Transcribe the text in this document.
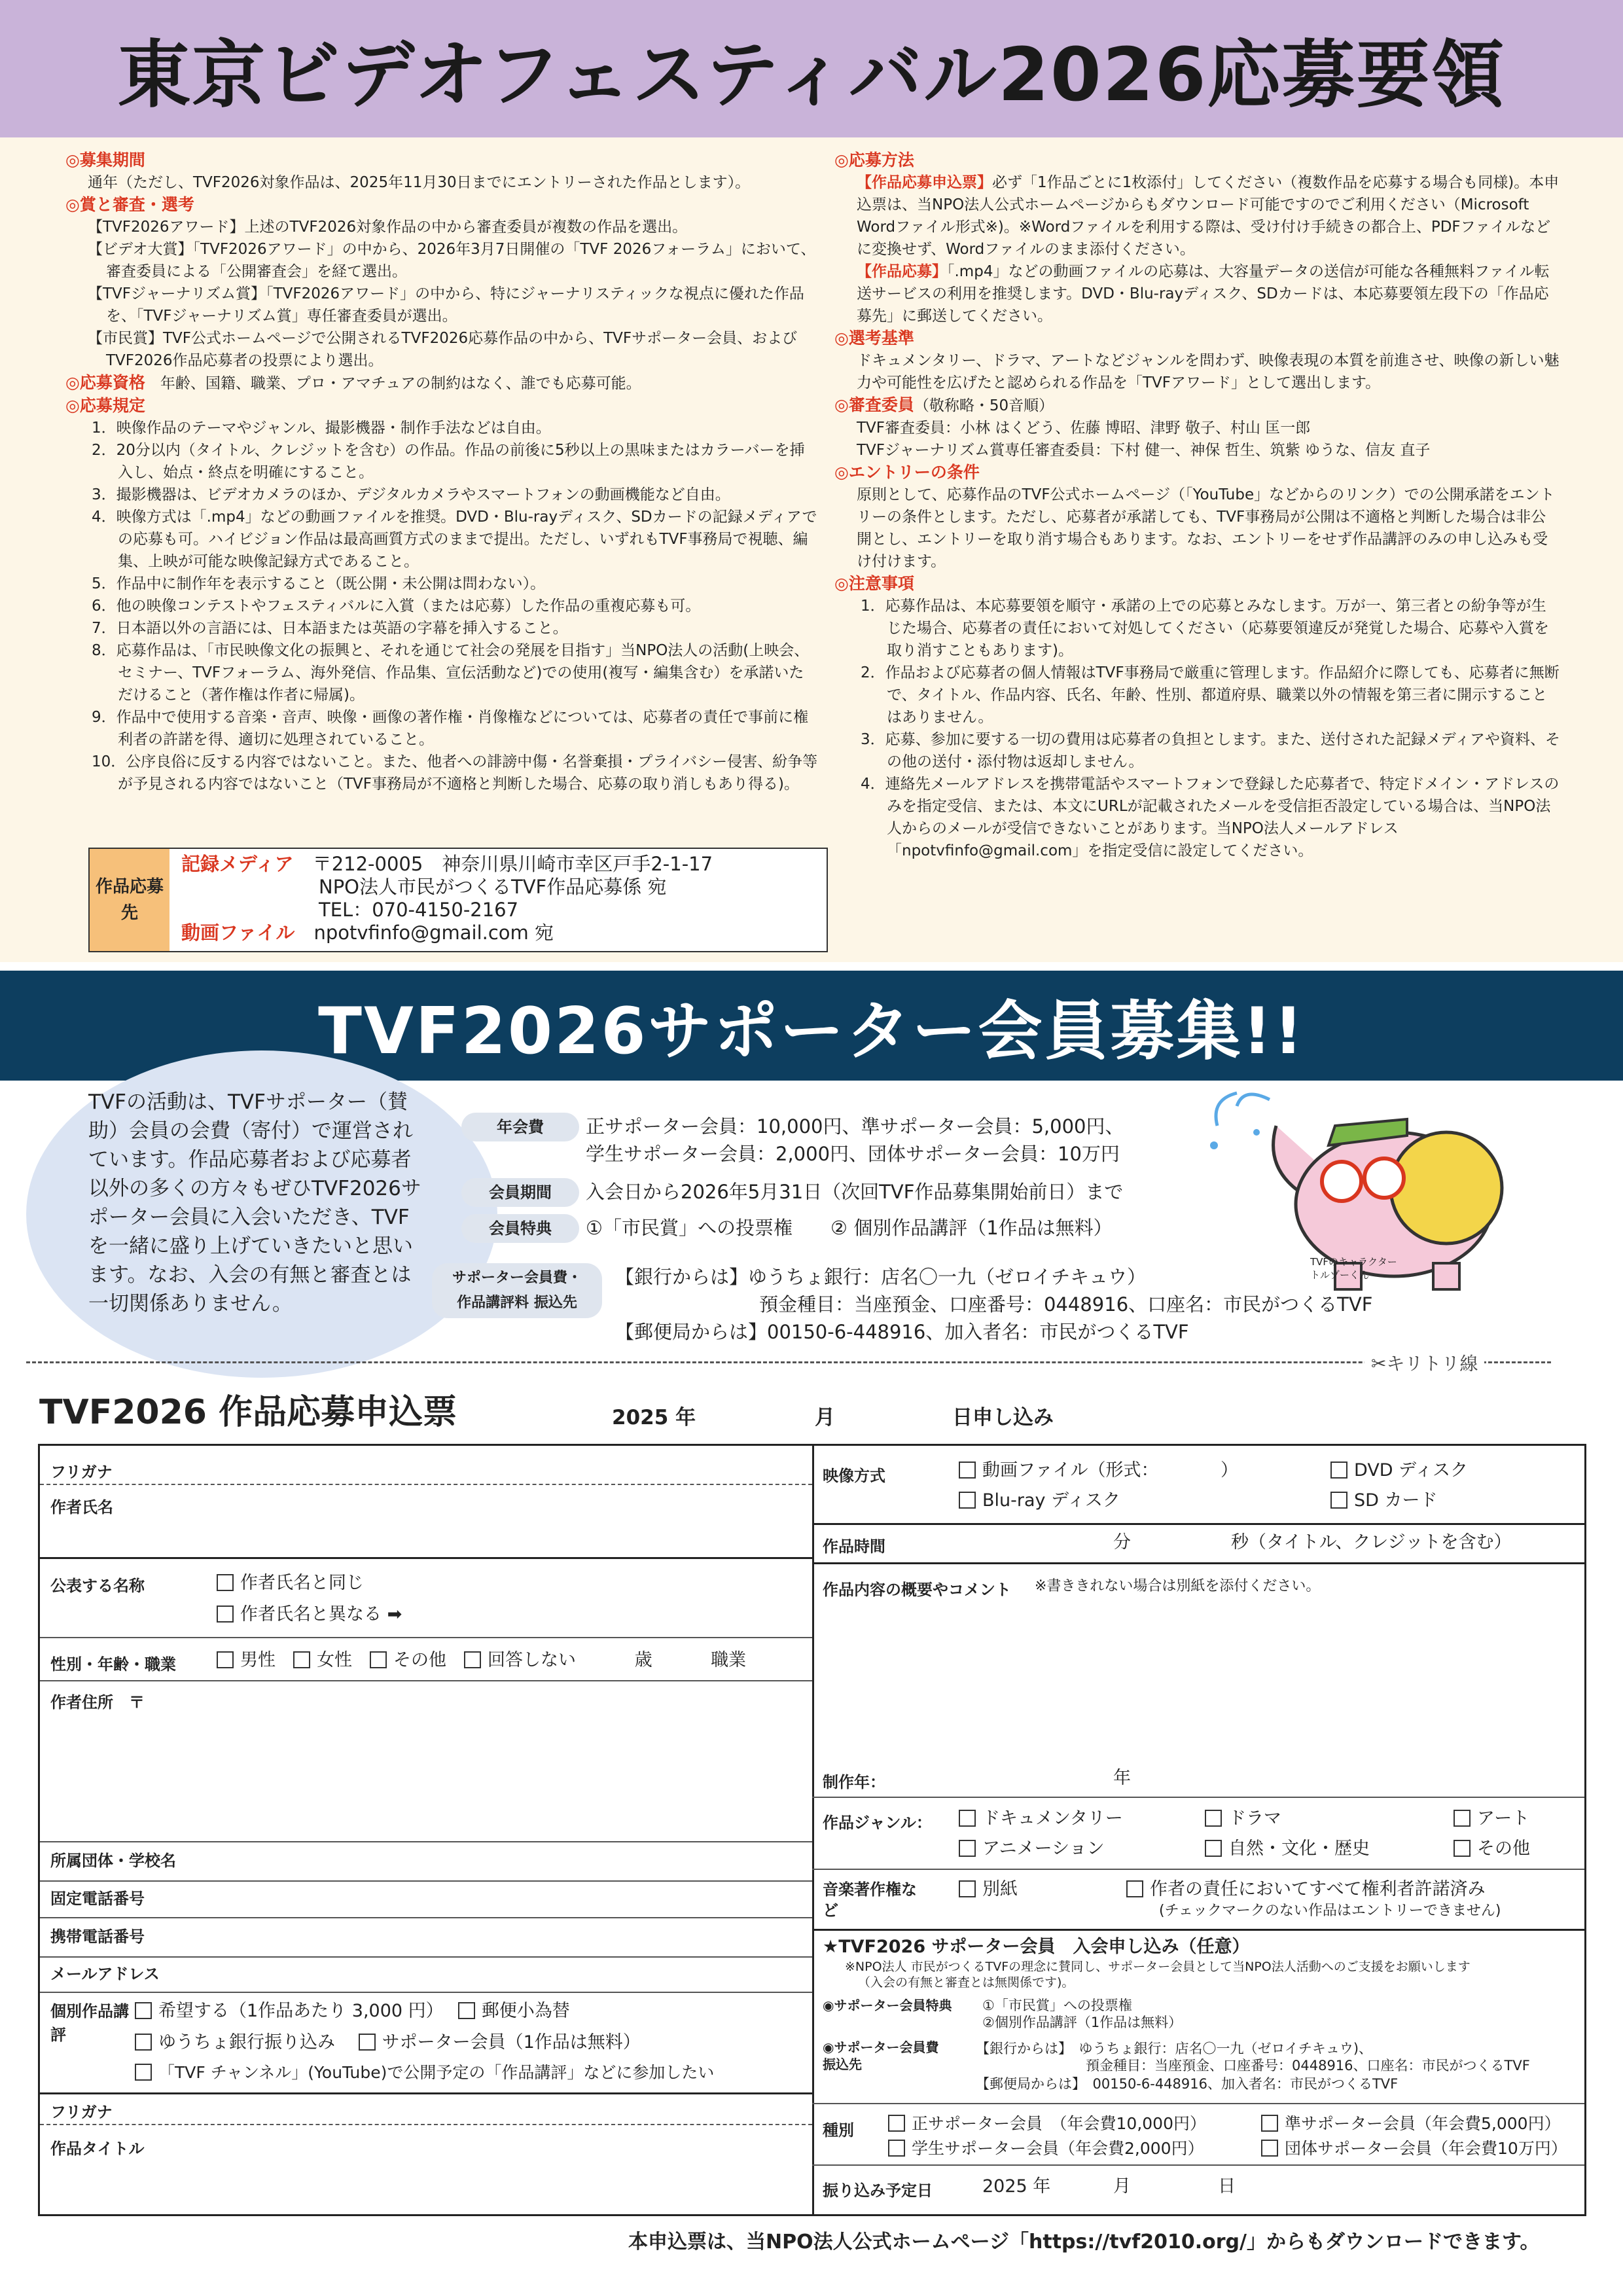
東京ビデオフェスティバル2026応募要領
◎募集期間
通年（ただし、TVF2026対象作品は、2025年11月30日までにエントリーされた作品とします）。
◎賞と審査・選考
【TVF2026アワード】上述のTVF2026対象作品の中から審査委員が複数の作品を選出。
【ビデオ大賞】「TVF2026アワード」の中から、2026年3月7日開催の「TVF 2026フォーラム」において、審査委員による「公開審査会」を経て選出。
【TVFジャーナリズム賞】「TVF2026アワード」の中から、特にジャーナリスティックな視点に優れた作品を、「TVFジャーナリズム賞」専任審査委員が選出。
【市民賞】TVF公式ホームページで公開されるTVF2026応募作品の中から、TVFサポーター会員、およびTVF2026作品応募者の投票により選出。
◎応募資格　 年齢、国籍、職業、プロ・アマチュアの制約はなく、誰でも応募可能。
◎応募規定
1．映像作品のテーマやジャンル、撮影機器・制作手法などは自由。
2．20分以内（タイトル、クレジットを含む）の作品。作品の前後に5秒以上の黒味またはカラーバーを挿入し、始点・終点を明確にすること。
3．撮影機器は、ビデオカメラのほか、デジタルカメラやスマートフォンの動画機能など自由。
4．映像方式は「.mp4」などの動画ファイルを推奨。DVD・Blu-rayディスク、SDカードの記録メディアでの応募も可。ハイビジョン作品は最高画質方式のままで提出。ただし、いずれもTVF事務局で視聴、編集、上映が可能な映像記録方式であること。
5．作品中に制作年を表示すること（既公開・未公開は問わない）。
6．他の映像コンテストやフェスティバルに入賞（または応募）した作品の重複応募も可。
7．日本語以外の言語には、日本語または英語の字幕を挿入すること。
8．応募作品は、「市民映像文化の振興と、それを通じて社会の発展を目指す」当NPO法人の活動(上映会、セミナー、TVFフォーラム、海外発信、作品集、宣伝活動など)での使用(複写・編集含む）を承諾いただけること（著作権は作者に帰属)。
9．作品中で使用する音楽・音声、映像・画像の著作権・肖像権などについては、応募者の責任で事前に権利者の許諾を得、適切に処理されていること。
10．公序良俗に反する内容ではないこと。また、他者への誹謗中傷・名誉棄損・プライバシー侵害、紛争等が予見される内容ではないこと（TVF事務局が不適格と判断した場合、応募の取り消しもあり得る)。
作品応募先
記録メディア　 〒212-0005　神奈川県川崎市幸区戸手2-1-17
NPO法人市民がつくるTVF作品応募係 宛
TEL：070-4150-2167
動画ファイル　 npotvfinfo@gmail.com 宛
◎応募方法
【作品応募申込票】必ず「1作品ごとに1枚添付」してください（複数作品を応募する場合も同様)。本申込票は、当NPO法人公式ホームページからもダウンロード可能ですのでご利用ください（Microsoft Wordファイル形式※)。※Wordファイルを利用する際は、受け付け手続きの都合上、PDFファイルなどに変換せず、Wordファイルのまま添付ください。
【作品応募】「.mp4」などの動画ファイルの応募は、大容量データの送信が可能な各種無料ファイル転送サービスの利用を推奨します。DVD・Blu-rayディスク、SDカードは、本応募要領左段下の「作品応募先」に郵送してください。
◎選考基準
ドキュメンタリー、ドラマ、アートなどジャンルを問わず、映像表現の本質を前進させ、映像の新しい魅力や可能性を広げたと認められる作品を「TVFアワード」として選出します。
◎審査委員（敬称略・50音順）
TVF審査委員：小林 はくどう、佐藤 博昭、津野 敬子、村山 匡一郎
TVFジャーナリズム賞専任審査委員：下村 健一、神保 哲生、筑紫 ゆうな、信友 直子
◎エントリーの条件
原則として、応募作品のTVF公式ホームページ（「YouTube」などからのリンク）での公開承諾をエントリーの条件とします。ただし、応募者が承諾しても、TVF事務局が公開は不適格と判断した場合は非公開とし、エントリーを取り消す場合もあります。なお、エントリーをせず作品講評のみの申し込みも受け付けます。
◎注意事項
1．応募作品は、本応募要領を順守・承諾の上での応募とみなします。万が一、第三者との紛争等が生じた場合、応募者の責任において対処してください（応募要領違反が発覚した場合、応募や入賞を取り消すこともあります)。
2．作品および応募者の個人情報はTVF事務局で厳重に管理します。作品紹介に際しても、応募者に無断で、タイトル、作品内容、氏名、年齢、性別、都道府県、職業以外の情報を第三者に開示することはありません。
3．応募、参加に要する一切の費用は応募者の負担とします。また、送付された記録メディアや資料、その他の送付・添付物は返却しません。
4．連絡先メールアドレスを携帯電話やスマートフォンで登録した応募者で、特定ドメイン・アドレスのみを指定受信、または、本文にURLが記載されたメールを受信拒否設定している場合は、当NPO法人からのメールが受信できないことがあります。当NPO法人メールアドレス「npotvfinfo@gmail.com」を指定受信に設定してください。
TVF2026サポーター会員募集!!
TVFの活動は、TVFサポーター（賛助）会員の会費（寄付）で運営されています。作品応募者および応募者以外の多くの方々もぜひTVF2026サポーター会員に入会いただき、TVFを一緒に盛り上げていきたいと思います。なお、入会の有無と審査とは一切関係ありません。
年会費	正サポーター会員：10,000円、準サポーター会員：5,000円、
学生サポーター会員：2,000円、団体サポーター会員：10万円
会員期間	入会日から2026年5月31日（次回TVF作品募集開始前日）まで
会員特典	①「市民賞」への投票権　　② 個別作品講評（1作品は無料）
サポーター会員費・
作品講評料 振込先
【銀行からは】ゆうちょ銀行：店名〇一九（ゼロイチキュウ）
預金種目：当座預金、口座番号：0448916、口座名：市民がつくるTVF
【郵便局からは】00150-6-448916、加入者名：市民がつくるTVF
TVFのキャラクター
トルゾーくん
✂キリトリ線
TVF2026 作品応募申込票	2025 年	月	日申し込み
フリガナ
作者氏名
公表する名称	作者氏名と同じ
作者氏名と異なる ➡
性別・年齢・職業	男性　 女性　 その他　 回答しない　　　	歳　　　	職業
作者住所　〒
所属団体・学校名
固定電話番号
携帯電話番号
メールアドレス
個別作品講評
希望する（1作品あたり 3,000 円）　	郵便小為替
ゆうちょ銀行振り込み　	サポーター会員（1作品は無料）
「TVF チャンネル」(YouTube)で公開予定の「作品講評」などに参加したい
フリガナ
作品タイトル
映像方式	動画ファイル（形式：　　　　）	DVD ディスク
Blu-ray ディスク	SD カード
作品時間	分	秒（タイトル、クレジットを含む）
作品内容の概要やコメント ※書ききれない場合は別紙を添付ください。
制作年：	年
作品ジャンル：	ドキュメンタリー	ドラマ	アート
アニメーション	自然・文化・歴史	その他
音楽著作権など
別紙	作者の責任においてすべて権利者許諾済み
(チェックマークのない作品はエントリーできません)
★TVF2026 サポーター会員　入会申し込み（任意）
※NPO法人 市民がつくるTVFの理念に賛同し、サポーター会員として当NPO法人活動へのご支援をお願いします
（入会の有無と審査とは無関係です)。
◉サポーター会員特典 ①「市民賞」への投票権
②個別作品講評（1作品は無料）
◉サポーター会員費　振込先
【銀行からは】　ゆうちょ銀行：店名〇一九（ゼロイチキュウ)、
預金種目：当座預金、口座番号：0448916、口座名：市民がつくるTVF
【郵便局からは】　00150-6-448916、加入者名：市民がつくるTVF
種別	正サポーター会員　（年会費10,000円）	準サポーター会員（年会費5,000円）
学生サポーター会員（年会費2,000円）	団体サポーター会員（年会費10万円）
振り込み予定日	2025 年	月	日
本申込票は、当NPO法人公式ホームページ「https://tvf2010.org/」からもダウンロードできます。
